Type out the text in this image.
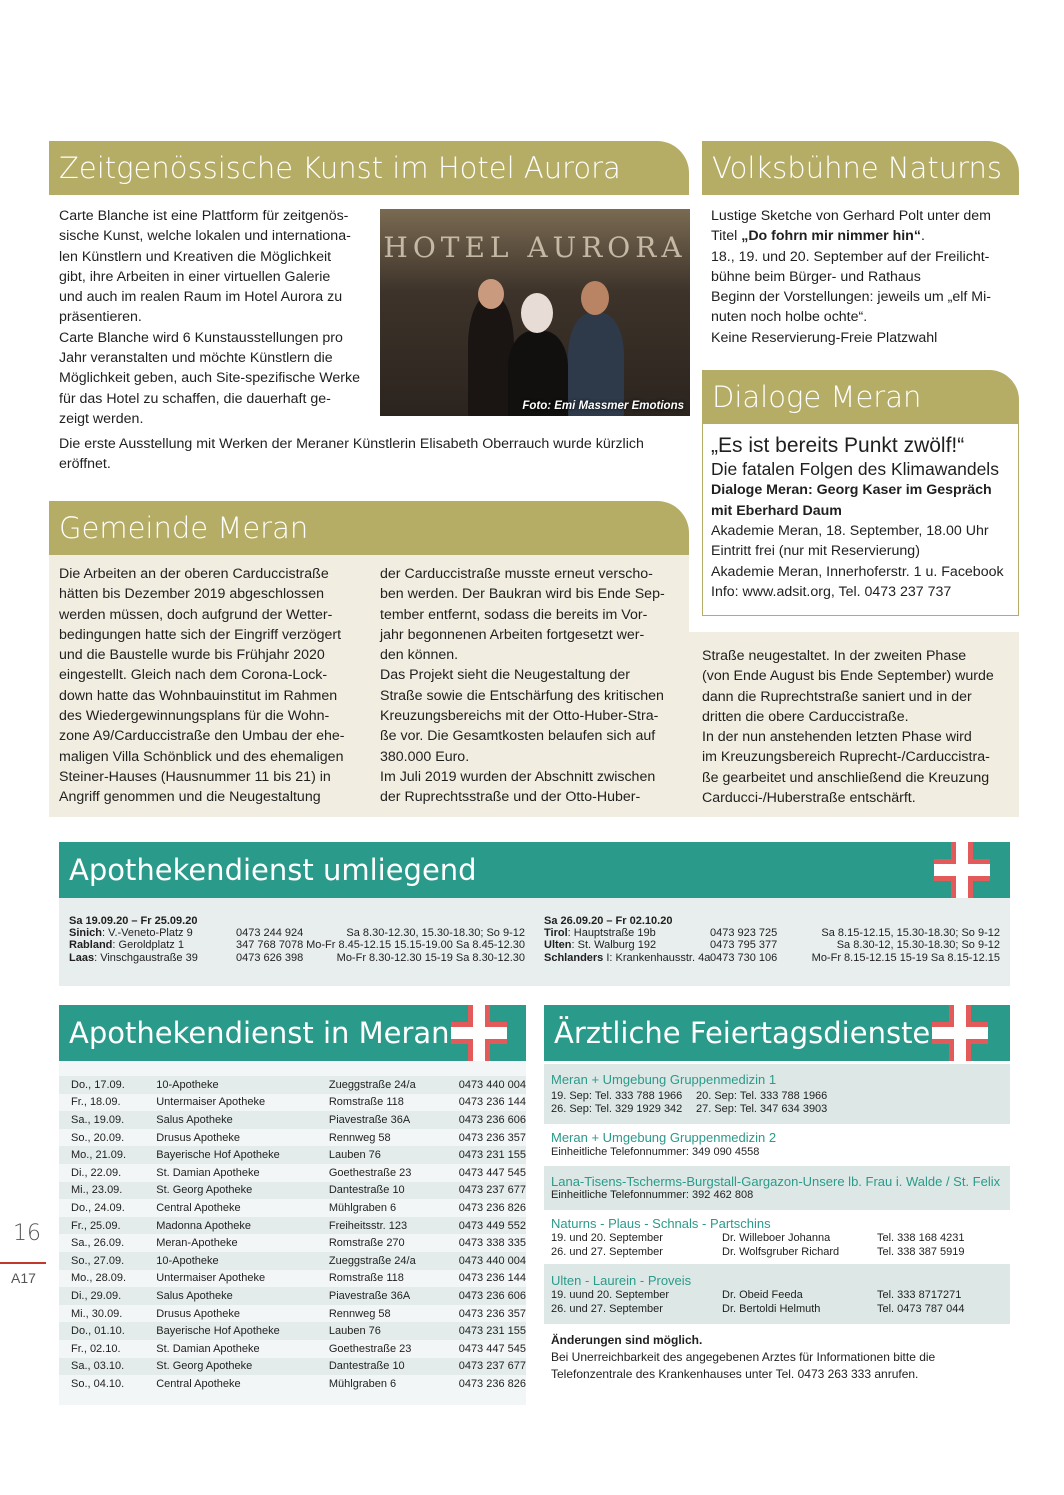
Zeitgenössische Kunst im Hotel Aurora
Carte Blanche ist eine Plattform für zeitgenös-
sische Kunst, welche lokalen und internationa-
len Künstlern und Kreativen die Möglichkeit
gibt, ihre Arbeiten in einer virtuellen Galerie
und auch im realen Raum im Hotel Aurora zu
präsentieren.
Carte Blanche wird 6 Kunstausstellungen pro
Jahr veranstalten und möchte Künstlern die
Möglichkeit geben, auch Site-spezifische Werke
für das Hotel zu schaffen, die dauerhaft ge-
zeigt werden.
Die erste Ausstellung mit Werken der Meraner Künstlerin Elisabeth Oberrauch wurde kürzlich eröffnet.
HOTEL AURORA
Foto: Emi Massmer Emotions
Volksbühne Naturns
Lustige Sketche von Gerhard Polt unter dem
Titel „Do fohrn mir nimmer hin“.
18., 19. und 20. September auf der Freilicht-
bühne beim Bürger- und Rathaus
Beginn der Vorstellungen: jeweils um „elf Mi-
nuten noch holbe ochte“.
Keine Reservierung-Freie Platzwahl
Dialoge Meran
„Es ist bereits Punkt zwölf!“
Die fatalen Folgen des Klimawandels
Dialoge Meran: Georg Kaser im Gespräch
mit Eberhard Daum
Akademie Meran, 18. September, 18.00 Uhr
Eintritt frei (nur mit Reservierung)
Akademie Meran, Innerhoferstr. 1 u. Facebook
Info: www.adsit.org, Tel. 0473 237 737
Gemeinde Meran
Die Arbeiten an der oberen Carduccistraße
hätten bis Dezember 2019 abgeschlossen
werden müssen, doch aufgrund der Wetter-
bedingungen hatte sich der Eingriff verzögert
und die Baustelle wurde bis Frühjahr 2020
eingestellt. Gleich nach dem Corona-Lock-
down hatte das Wohnbauinstitut im Rahmen
des Wiedergewinnungsplans für die Wohn-
zone A9/Carduccistraße den Umbau der ehe-
maligen Villa Schönblick und des ehemaligen
Steiner-Hauses (Hausnummer 11 bis 21) in
Angriff genommen und die Neugestaltung
der Carduccistraße musste erneut verscho-
ben werden. Der Baukran wird bis Ende Sep-
tember entfernt, sodass die bereits im Vor-
jahr begonnenen Arbeiten fortgesetzt wer-
den können.
Das Projekt sieht die Neugestaltung der
Straße sowie die Entschärfung des kritischen
Kreuzungsbereichs mit der Otto-Huber-Stra-
ße vor. Die Gesamtkosten belaufen sich auf
380.000 Euro.
Im Juli 2019 wurden der Abschnitt zwischen
der Ruprechtsstraße und der Otto-Huber-
Straße neugestaltet. In der zweiten Phase
(von Ende August bis Ende September) wurde
dann die Ruprechtstraße saniert und in der
dritten die obere Carduccistraße.
In der nun anstehenden letzten Phase wird
im Kreuzungsbereich Ruprecht-/Carduccistra-
ße gearbeitet und anschließend die Kreuzung
Carducci-/Huberstraße entschärft.
Apothekendienst umliegend
Sa 19.09.20 – Fr 25.09.20
Sinich: V.-Veneto-Platz 9	0473 244 924	Sa 8.30-12.30, 15.30-18.30; So 9-12
Rabland: Geroldplatz 1	347 768 7078 Mo-Fr 8.45-12.15 15.15-19.00 Sa 8.45-12.30
Laas: Vinschgaustraße 39	0473 626 398	Mo-Fr 8.30-12.30 15-19 Sa 8.30-12.30
Sa 26.09.20 – Fr 02.10.20
Tirol: Hauptstraße 19b	0473 923 725	Sa 8.15-12.15, 15.30-18.30; So 9-12
Ulten: St. Walburg 192	0473 795 377	Sa 8.30-12, 15.30-18.30; So 9-12
Schlanders I: Krankenhausstr. 4a 0473 730 106	Mo-Fr 8.15-12.15 15-19 Sa 8.15-12.15
Apothekendienst in Meran
Do., 17.09.	10-Apotheke	Zueggstraße 24/a	0473 440 004
Fr., 18.09.	Untermaiser Apotheke	Romstraße 118	0473 236 144
Sa., 19.09.	Salus Apotheke	Piavestraße 36A	0473 236 606
So., 20.09.	Drusus Apotheke	Rennweg 58	0473 236 357
Mo., 21.09.	Bayerische Hof Apotheke	Lauben 76	0473 231 155
Di., 22.09.	St. Damian Apotheke	Goethestraße 23	0473 447 545
Mi., 23.09.	St. Georg Apotheke	Dantestraße 10	0473 237 677
Do., 24.09.	Central Apotheke	Mühlgraben 6	0473 236 826
Fr., 25.09.	Madonna Apotheke	Freiheitsstr. 123	0473 449 552
Sa., 26.09.	Meran-Apotheke	Romstraße 270	0473 338 335
So., 27.09.	10-Apotheke	Zueggstraße 24/a	0473 440 004
Mo., 28.09.	Untermaiser Apotheke	Romstraße 118	0473 236 144
Di., 29.09.	Salus Apotheke	Piavestraße 36A	0473 236 606
Mi., 30.09.	Drusus Apotheke	Rennweg 58	0473 236 357
Do., 01.10.	Bayerische Hof Apotheke	Lauben 76	0473 231 155
Fr., 02.10.	St. Damian Apotheke	Goethestraße 23	0473 447 545
Sa., 03.10.	St. Georg Apotheke	Dantestraße 10	0473 237 677
So., 04.10.	Central Apotheke	Mühlgraben 6	0473 236 826
Ärztliche Feiertagsdienste
Meran + Umgebung Gruppenmedizin 1
19. Sep: Tel. 333 788 1966 20. Sep: Tel. 333 788 1966
26. Sep: Tel. 329 1929 342 27. Sep: Tel. 347 634 3903
Meran + Umgebung Gruppenmedizin 2
Einheitliche Telefonnummer: 349 090 4558
Lana-Tisens-Tscherms-Burgstall-Gargazon-Unsere lb. Frau i. Walde / St. Felix
Einheitliche Telefonnummer: 392 462 808
Naturns - Plaus - Schnals - Partschins
19. und 20. September	Dr. Willeboer Johanna	Tel. 338 168 4231
26. und 27. September	Dr. Wolfsgruber Richard	Tel. 338 387 5919
Ulten - Laurein - Proveis
19. uund 20. September	Dr. Obeid Feeda	Tel. 333 8717271
26. und 27. September	Dr. Bertoldi Helmuth	Tel. 0473 787 044
Änderungen sind möglich.
Bei Unerreichbarkeit des angegebenen Arztes für Informationen bitte die
Telefonzentrale des Krankenhauses unter Tel. 0473 263 333 anrufen.
16
A17
